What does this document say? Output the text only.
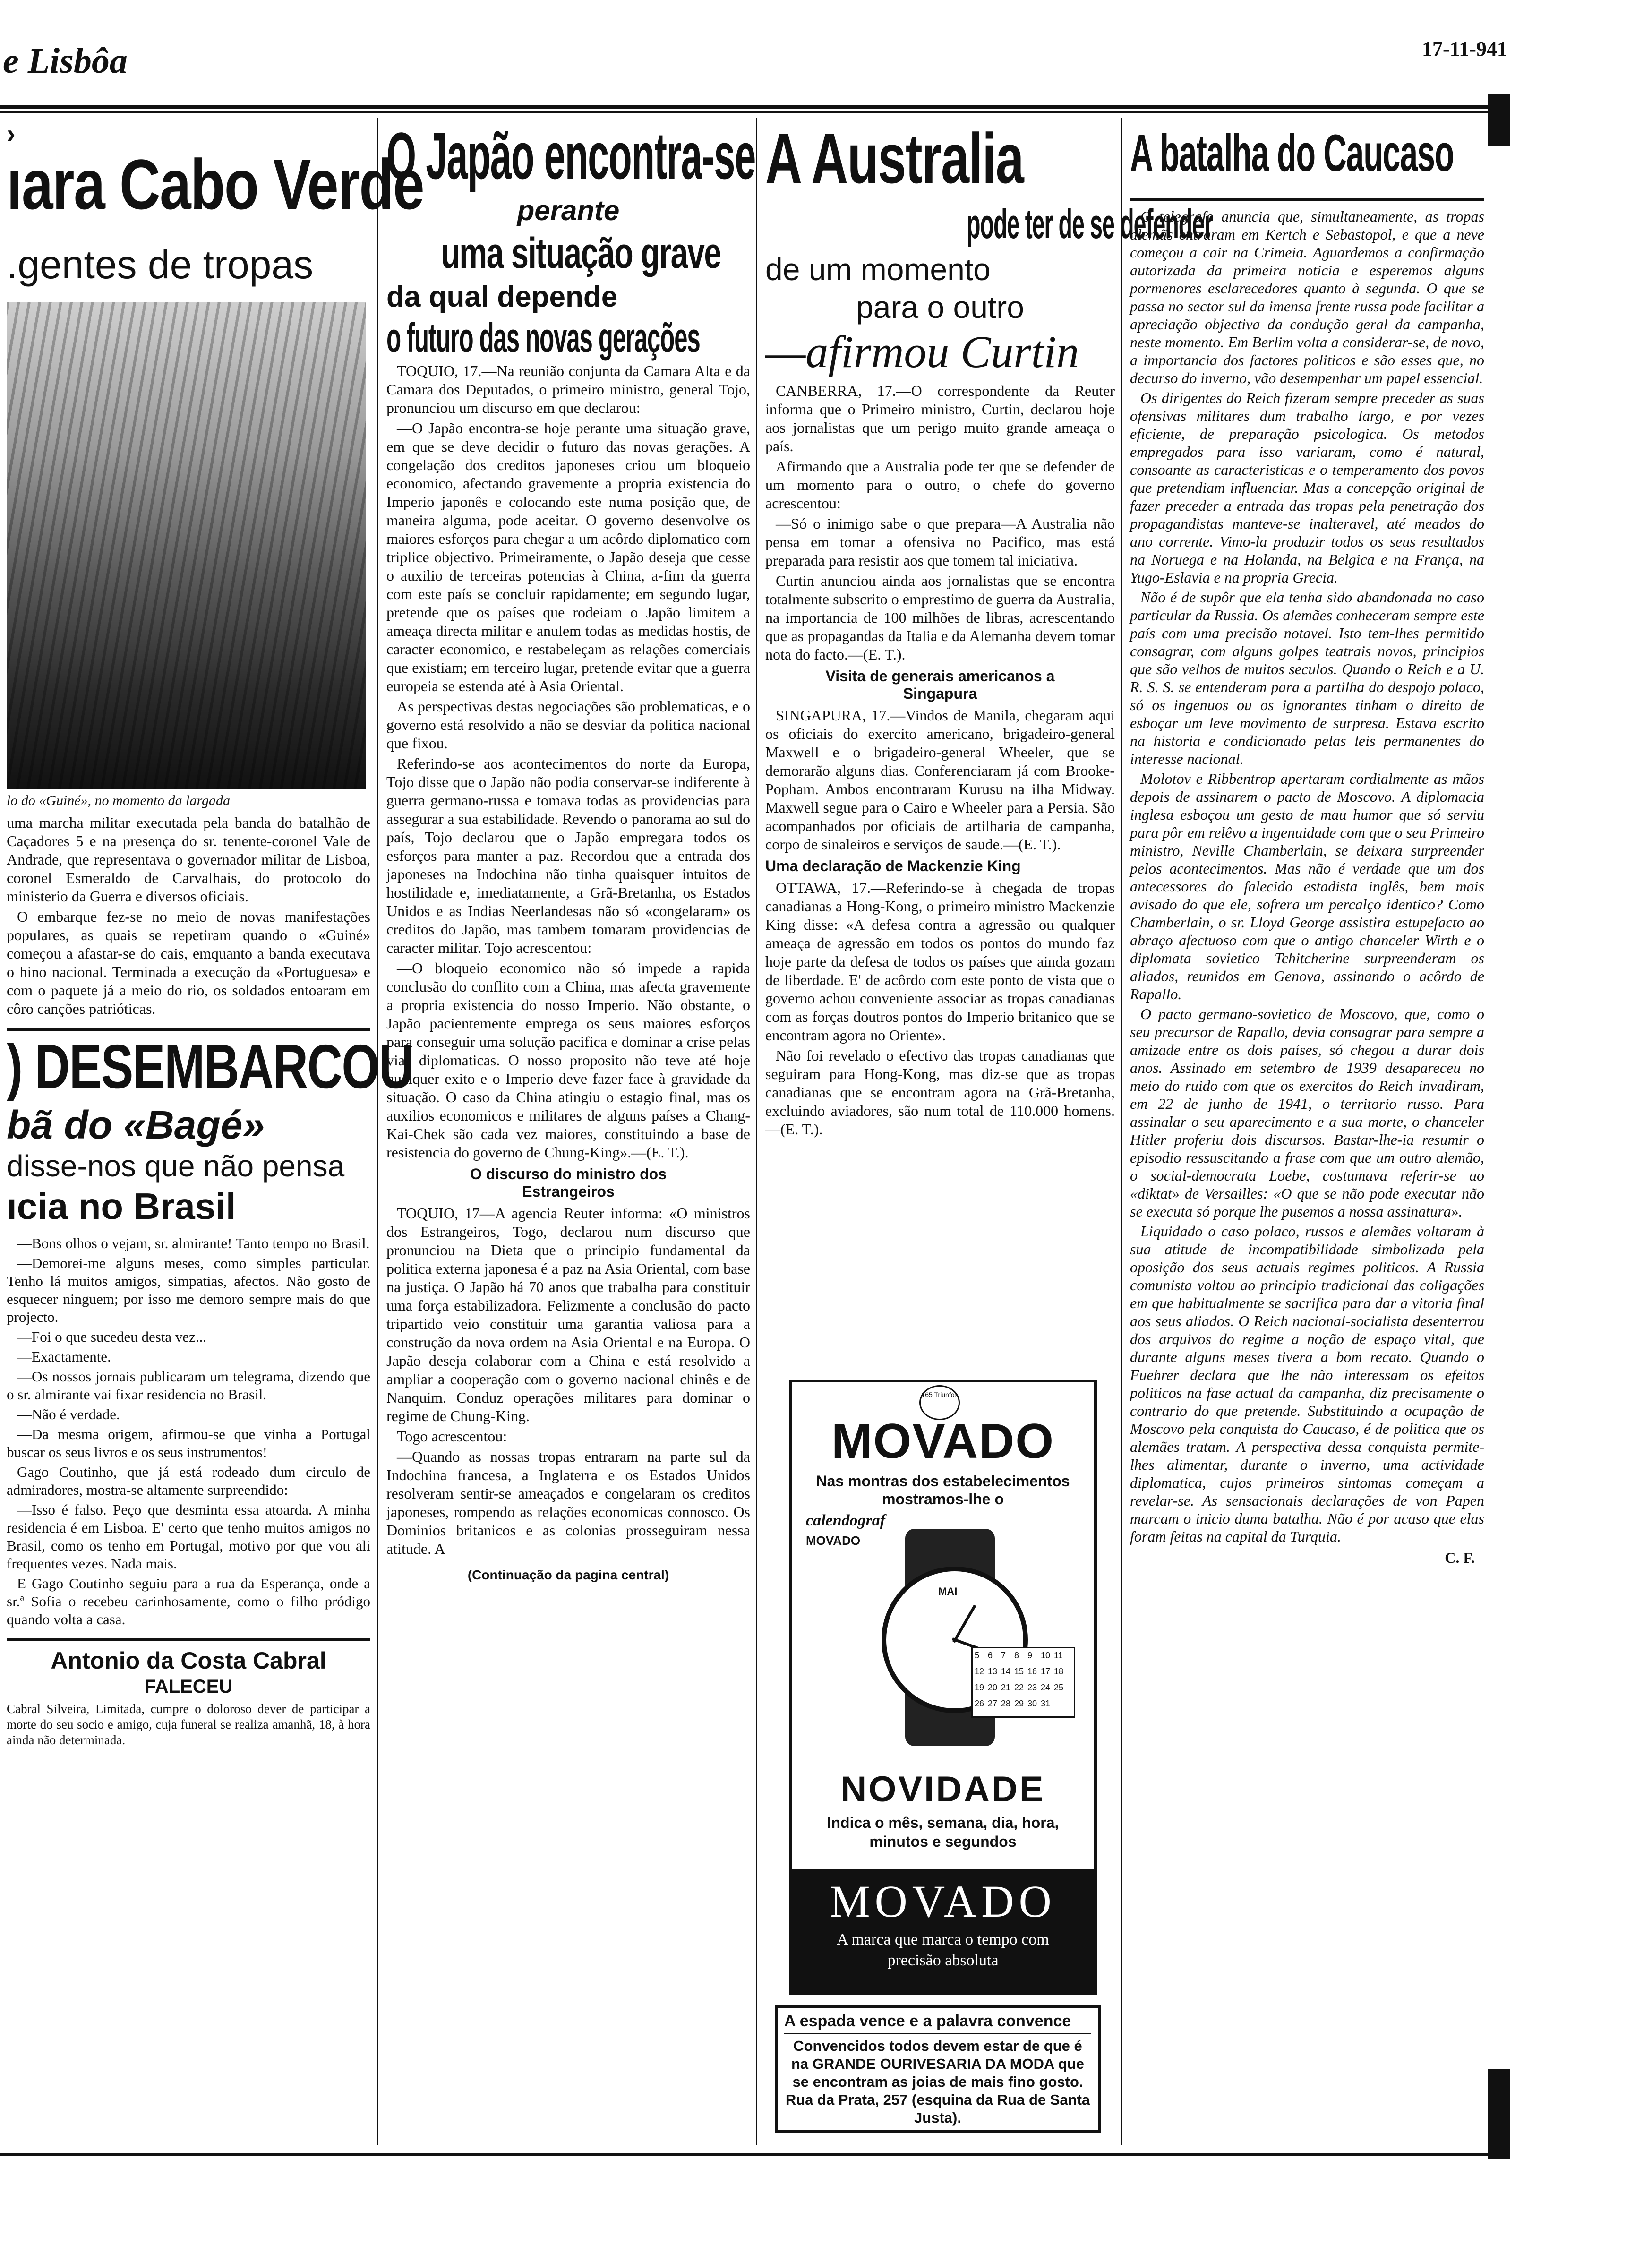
e Lisbôa	17-11-941
›
ıara Cabo Verde
.gentes de tropas
lo do «Guiné», no momento da largada

uma marcha militar executada pela banda do batalhão de Caçadores 5 e na presença do sr. tenente-coronel Vale de Andrade, que representava o governador militar de Lisboa, coronel Esmeraldo de Carvalhais, do protocolo do ministerio da Guerra e diversos oficiais.

O embarque fez-se no meio de novas manifestações populares, as quais se repetiram quando o «Guiné» começou a afastar-se do cais, emquanto a banda executava o hino nacional. Terminada a execução da «Portuguesa» e com o paquete já a meio do rio, os soldados entoaram em côro canções patrióticas.

) DESEMBARCOU
bã do «Bagé»
disse-nos que não pensa
ıcia no Brasil

—Bons olhos o vejam, sr. almirante! Tanto tempo no Brasil.

—Demorei-me alguns meses, como simples particular. Tenho lá muitos amigos, simpatias, afectos. Não gosto de esquecer ninguem; por isso me demoro sempre mais do que projecto.

—Foi o que sucedeu desta vez...

—Exactamente.

—Os nossos jornais publicaram um telegrama, dizendo que o sr. almirante vai fixar residencia no Brasil.

—Não é verdade.

—Da mesma origem, afirmou-se que vinha a Portugal buscar os seus livros e os seus instrumentos!

Gago Coutinho, que já está rodeado dum circulo de admiradores, mostra-se altamente surpreendido:

—Isso é falso. Peço que desminta essa atoarda. A minha residencia é em Lisboa. E' certo que tenho muitos amigos no Brasil, como os tenho em Portugal, motivo por que vou ali frequentes vezes. Nada mais.

E Gago Coutinho seguiu para a rua da Esperança, onde a sr.ª Sofia o recebeu carinhosamente, como o filho pródigo quando volta a casa.

Antonio da Costa Cabral
FALECEU
Cabral Silveira, Limitada, cumpre o doloroso dever de participar a morte do seu socio e amigo, cuja funeral se realiza amanhã, 18, à hora ainda não determinada.
O Japão encontra-se
perante
uma situação grave
da qual depende
o futuro das novas gerações

TOQUIO, 17.—Na reunião conjunta da Camara Alta e da Camara dos Deputados, o primeiro ministro, general Tojo, pronunciou um discurso em que declarou:

—O Japão encontra-se hoje perante uma situação grave, em que se deve decidir o futuro das novas gerações. A congelação dos creditos japoneses criou um bloqueio economico, afectando gravemente a propria existencia do Imperio japonês e colocando este numa posição que, de maneira alguma, pode aceitar. O governo desenvolve os maiores esforços para chegar a um acôrdo diplomatico com triplice objectivo. Primeiramente, o Japão deseja que cesse o auxilio de terceiras potencias à China, a-fim da guerra com este país se concluir rapidamente; em segundo lugar, pretende que os países que rodeiam o Japão limitem a ameaça directa militar e anulem todas as medidas hostis, de caracter economico, e restabeleçam as relações comerciais que existiam; em terceiro lugar, pretende evitar que a guerra europeia se estenda até à Asia Oriental.

As perspectivas destas negociações são problematicas, e o governo está resolvido a não se desviar da politica nacional que fixou.

Referindo-se aos acontecimentos do norte da Europa, Tojo disse que o Japão não podia conservar-se indiferente à guerra germano-russa e tomava todas as providencias para assegurar a sua estabilidade. Revendo o panorama ao sul do país, Tojo declarou que o Japão empregara todos os esforços para manter a paz. Recordou que a entrada dos japoneses na Indochina não tinha quaisquer intuitos de hostilidade e, imediatamente, a Grã-Bretanha, os Estados Unidos e as Indias Neerlandesas não só «congelaram» os creditos do Japão, mas tambem tomaram providencias de caracter militar. Tojo acrescentou:

—O bloqueio economico não só impede a rapida conclusão do conflito com a China, mas afecta gravemente a propria existencia do nosso Imperio. Não obstante, o Japão pacientemente emprega os seus maiores esforços para conseguir uma solução pacifica e dominar a crise pelas vias diplomaticas. O nosso proposito não teve até hoje qualquer exito e o Imperio deve fazer face à gravidade da situação. O caso da China atingiu o estagio final, mas os auxilios economicos e militares de alguns países a Chang-Kai-Chek são cada vez maiores, constituindo a base de resistencia do governo de Chung-King».—(E. T.).

O discurso do ministro dos Estrangeiros

TOQUIO, 17—A agencia Reuter informa: «O ministros dos Estrangeiros, Togo, declarou num discurso que pronunciou na Dieta que o principio fundamental da politica externa japonesa é a paz na Asia Oriental, com base na justiça. O Japão há 70 anos que trabalha para constituir uma força estabilizadora. Felizmente a conclusão do pacto tripartido veio constituir uma garantia valiosa para a construção da nova ordem na Asia Oriental e na Europa. O Japão deseja colaborar com a China e está resolvido a ampliar a cooperação com o governo nacional chinês e de Nanquim. Conduz operações militares para dominar o regime de Chung-King.

Togo acrescentou:

—Quando as nossas tropas entraram na parte sul da Indochina francesa, a Inglaterra e os Estados Unidos resolveram sentir-se ameaçados e congelaram os creditos japoneses, rompendo as relações economicas connosco. Os Dominios britanicos e as colonias prosseguiram nessa atitude. A

(Continuação da pagina central)
A Australia
pode ter de se defender
de um momento
para o outro
—afirmou Curtin

CANBERRA, 17.—O correspondente da Reuter informa que o Primeiro ministro, Curtin, declarou hoje aos jornalistas que um perigo muito grande ameaça o país.

Afirmando que a Australia pode ter que se defender de um momento para o outro, o chefe do governo acrescentou:

—Só o inimigo sabe o que prepara—A Australia não pensa em tomar a ofensiva no Pacifico, mas está preparada para resistir aos que tomem tal iniciativa.

Curtin anunciou ainda aos jornalistas que se encontra totalmente subscrito o emprestimo de guerra da Australia, na importancia de 100 milhões de libras, acrescentando que as propagandas da Italia e da Alemanha devem tomar nota do facto.—(E. T.).

Visita de generais americanos a Singapura

SINGAPURA, 17.—Vindos de Manila, chegaram aqui os oficiais do exercito americano, brigadeiro-general Maxwell e o brigadeiro-general Wheeler, que se demorarão alguns dias. Conferenciaram já com Brooke-Popham. Ambos encontraram Kurusu na ilha Midway. Maxwell segue para o Cairo e Wheeler para a Persia. São acompanhados por oficiais de artilharia de campanha, corpo de sinaleiros e serviços de saude.—(E. T.).

Uma declaração de Mackenzie King

OTTAWA, 17.—Referindo-se à chegada de tropas canadianas a Hong-Kong, o primeiro ministro Mackenzie King disse: «A defesa contra a agressão ou qualquer ameaça de agressão em todos os pontos do mundo faz hoje parte da defesa de todos os países que ainda gozam de liberdade. E' de acôrdo com este ponto de vista que o governo achou conveniente associar as tropas canadianas com as forças doutros pontos do Imperio britanico que se encontram agora no Oriente».

Não foi revelado o efectivo das tropas canadianas que seguiram para Hong-Kong, mas diz-se que as tropas canadianas que se encontram agora na Grã-Bretanha, excluindo aviadores, são num total de 110.000 homens.—(E. T.).

165 Triunfos
MOVADO
Nas montras dos estabelecimentos mostramos-lhe o
calendograf
MOVADO
MAI
5 6 7 8 9 10 11
12 13 14 15 16 17 18
19 20 21 22 23 24 25
26 27 28 29 30 31
NOVIDADE
Indica o mês, semana, dia, hora, minutos e segundos
MOVADO
A marca que marca o tempo com precisão absoluta
A espada vence e a palavra convence
Convencidos todos devem estar de que é na GRANDE OURIVESARIA DA MODA que se encontram as joias de mais fino gosto. Rua da Prata, 257 (esquina da Rua de Santa Justa).
A batalha do Caucaso

O telegrafo anuncia que, simultaneamente, as tropas alemãs entraram em Kertch e Sebastopol, e que a neve começou a cair na Crimeia. Aguardemos a confirmação autorizada da primeira noticia e esperemos alguns pormenores esclarecedores quanto à segunda. O que se passa no sector sul da imensa frente russa pode facilitar a apreciação objectiva da condução geral da campanha, neste momento. Em Berlim volta a considerar-se, de novo, a importancia dos factores politicos e são esses que, no decurso do inverno, vão desempenhar um papel essencial.

Os dirigentes do Reich fizeram sempre preceder as suas ofensivas militares dum trabalho largo, e por vezes eficiente, de preparação psicologica. Os metodos empregados para isso variaram, como é natural, consoante as caracteristicas e o temperamento dos povos que pretendiam influenciar. Mas a concepção original de fazer preceder a entrada das tropas pela penetração dos propagandistas manteve-se inalteravel, até meados do ano corrente. Vimo-la produzir todos os seus resultados na Noruega e na Holanda, na Belgica e na França, na Yugo-Eslavia e na propria Grecia.

Não é de supôr que ela tenha sido abandonada no caso particular da Russia. Os alemães conheceram sempre este país com uma precisão notavel. Isto tem-lhes permitido consagrar, com alguns golpes teatrais novos, principios que são velhos de muitos seculos. Quando o Reich e a U. R. S. S. se entenderam para a partilha do despojo polaco, só os ingenuos ou os ignorantes tinham o direito de esboçar um leve movimento de surpresa. Estava escrito na historia e condicionado pelas leis permanentes do interesse nacional.

Molotov e Ribbentrop apertaram cordialmente as mãos depois de assinarem o pacto de Moscovo. A diplomacia inglesa esboçou um gesto de mau humor que só serviu para pôr em relêvo a ingenuidade com que o seu Primeiro ministro, Neville Chamberlain, se deixara surpreender pelos acontecimentos. Mas não é verdade que um dos antecessores do falecido estadista inglês, bem mais avisado do que ele, sofrera um percalço identico? Como Chamberlain, o sr. Lloyd George assistira estupefacto ao abraço afectuoso com que o antigo chanceler Wirth e o diplomata sovietico Tchitcherine surpreenderam os aliados, reunidos em Genova, assinando o acôrdo de Rapallo.

O pacto germano-sovietico de Moscovo, que, como o seu precursor de Rapallo, devia consagrar para sempre a amizade entre os dois países, só chegou a durar dois anos. Assinado em setembro de 1939 desapareceu no meio do ruido com que os exercitos do Reich invadiram, em 22 de junho de 1941, o territorio russo. Para assinalar o seu aparecimento e a sua morte, o chanceler Hitler proferiu dois discursos. Bastar-lhe-ia resumir o episodio ressuscitando a frase com que um outro alemão, o social-democrata Loebe, costumava referir-se ao «diktat» de Versailles: «O que se não pode executar não se executa só porque lhe pusemos a nossa assinatura».

Liquidado o caso polaco, russos e alemães voltaram à sua atitude de incompatibilidade simbolizada pela oposição dos seus actuais regimes politicos. A Russia comunista voltou ao principio tradicional das coligações em que habitualmente se sacrifica para dar a vitoria final aos seus aliados. O Reich nacional-socialista desenterrou dos arquivos do regime a noção de espaço vital, que durante alguns meses tivera a bom recato. Quando o Fuehrer declara que lhe não interessam os efeitos politicos na fase actual da campanha, diz precisamente o contrario do que pretende. Substituindo a ocupação de Moscovo pela conquista do Caucaso, é de politica que os alemães tratam. A perspectiva dessa conquista permite-lhes alimentar, durante o inverno, uma actividade diplomatica, cujos primeiros sintomas começam a revelar-se. As sensacionais declarações de von Papen marcam o inicio duma batalha. Não é por acaso que elas foram feitas na capital da Turquia.

C. F.
